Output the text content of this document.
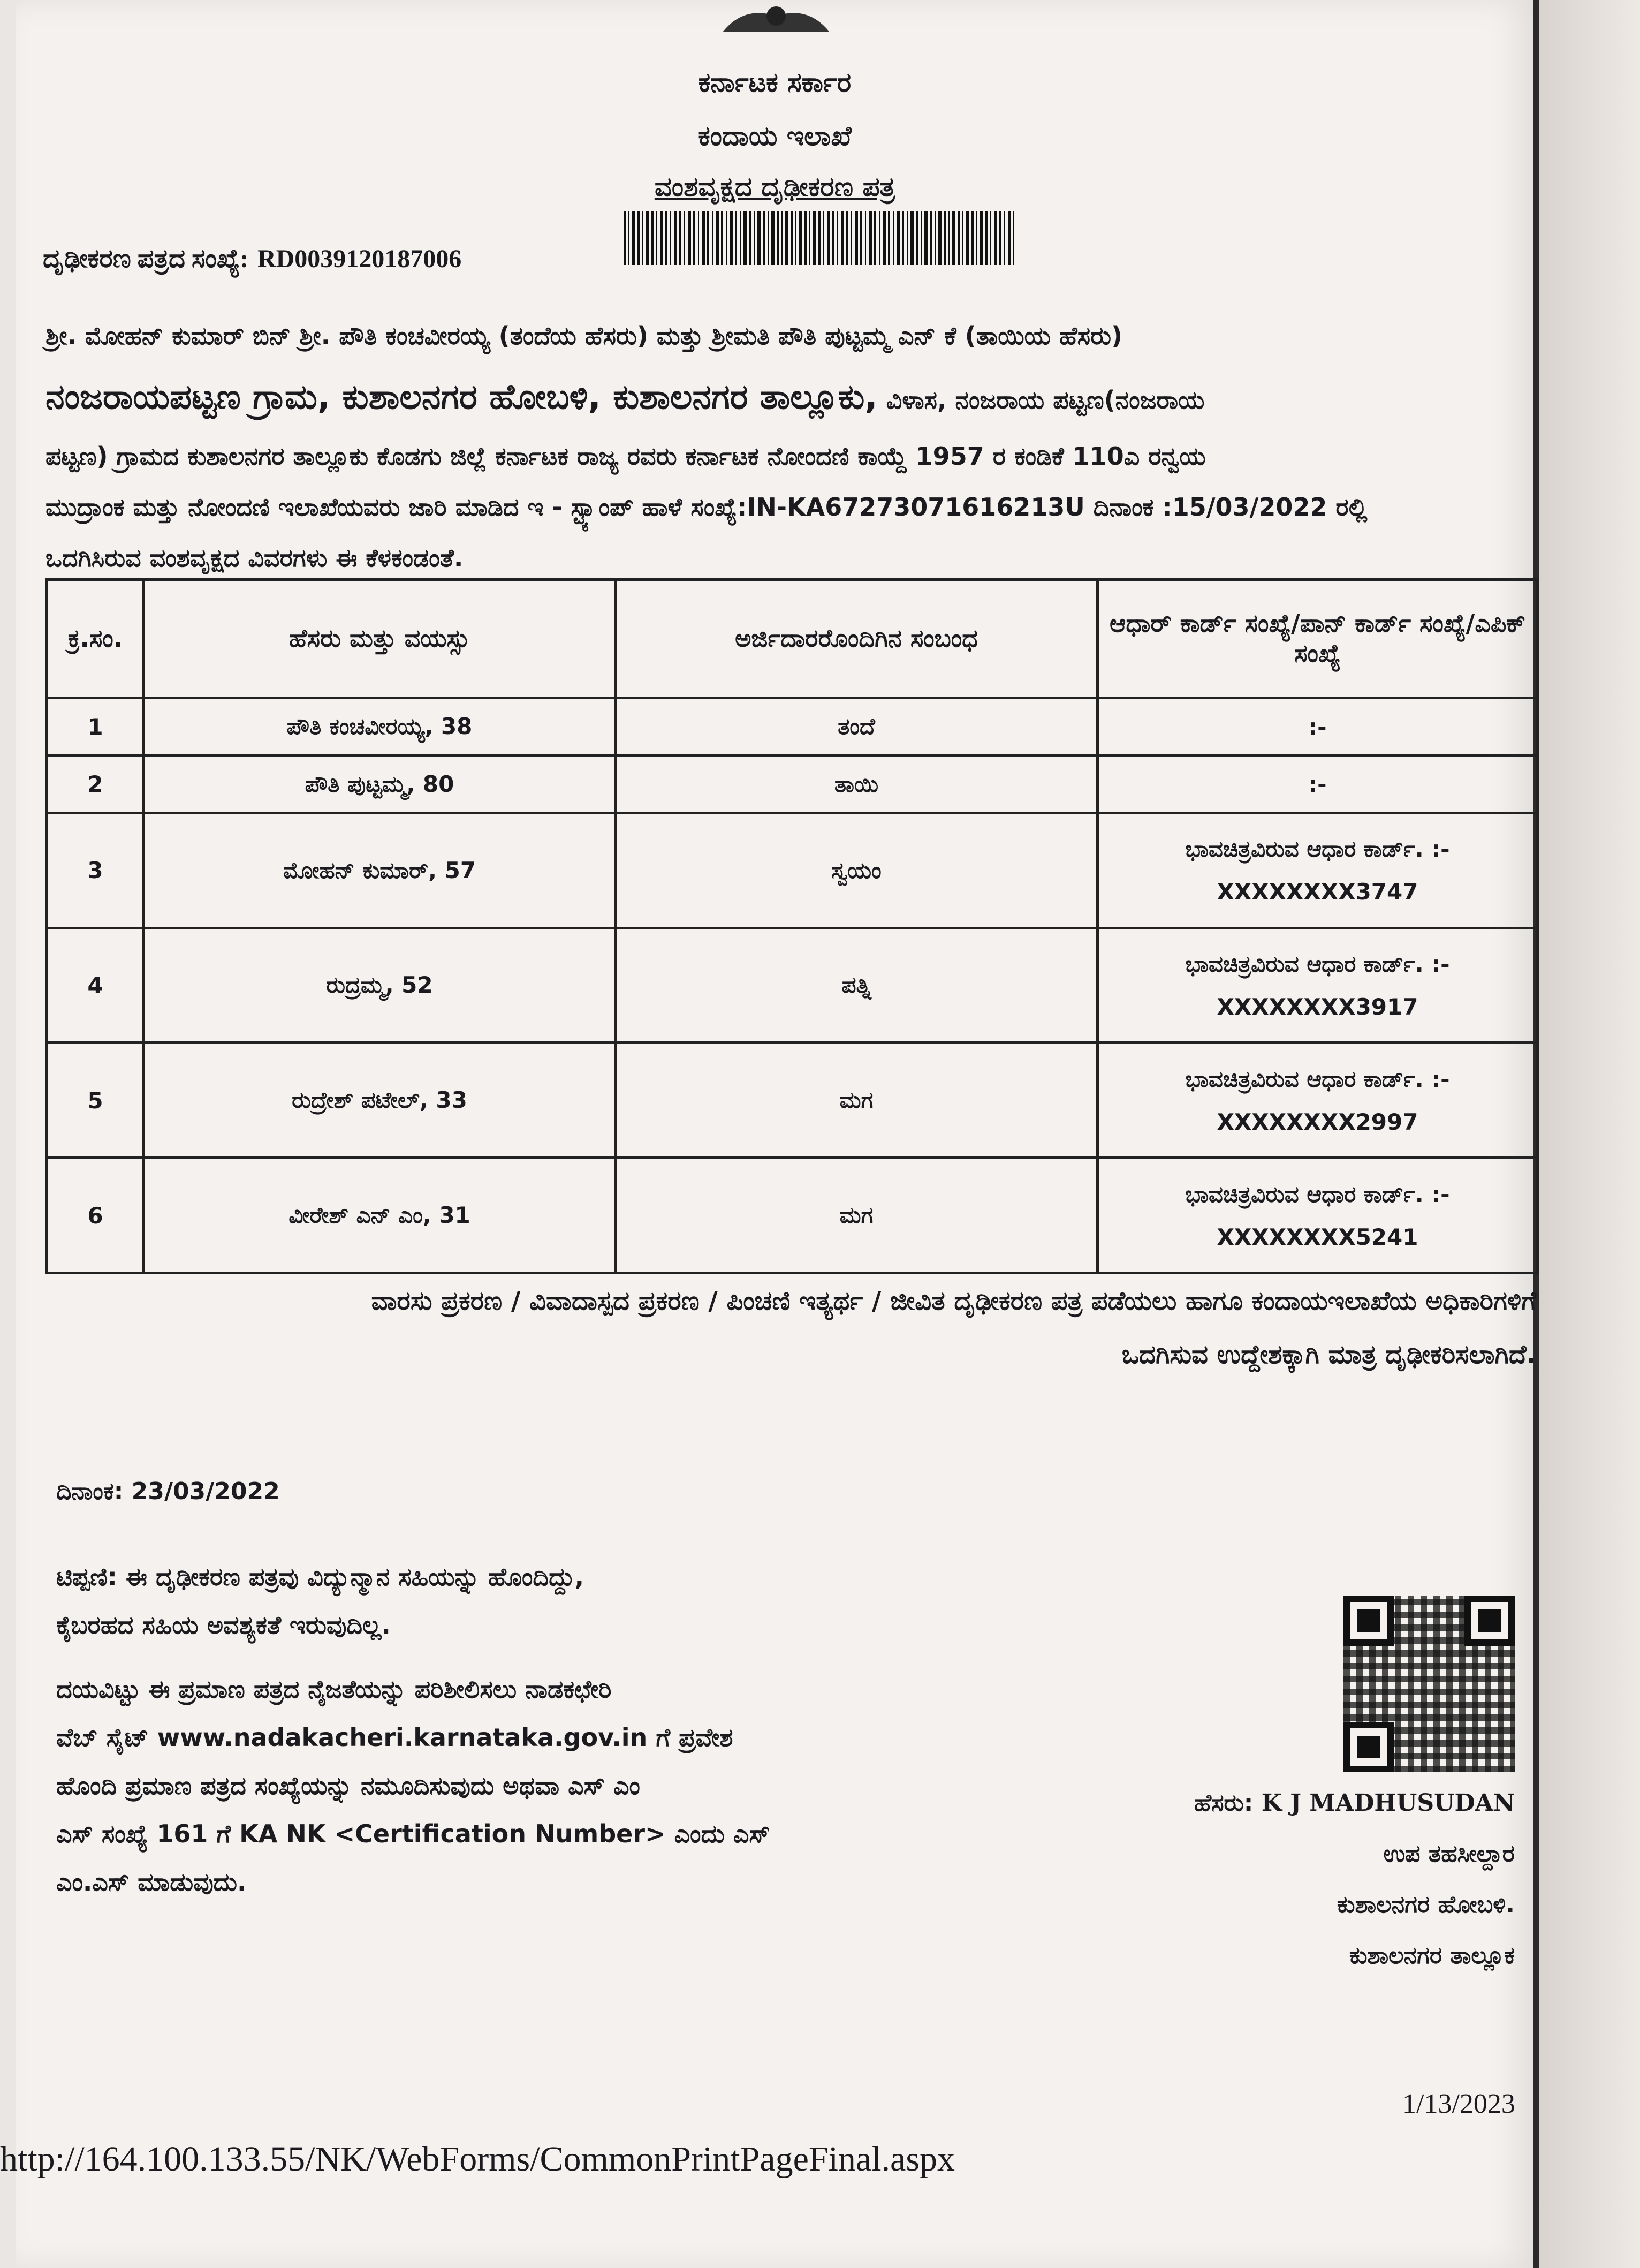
ಕರ್ನಾಟಕ ಸರ್ಕಾರ
ಕಂದಾಯ ಇಲಾಖೆ
ವಂಶವೃಕ್ಷದ ದೃಢೀಕರಣ ಪತ್ರ
ದೃಢೀಕರಣ ಪತ್ರದ ಸಂಖ್ಯೆ: RD0039120187006
ಶ್ರೀ. ಮೋಹನ್ ಕುಮಾರ್ ಬಿನ್ ಶ್ರೀ. ಪೌತಿ ಕಂಚವೀರಯ್ಯ (ತಂದೆಯ ಹೆಸರು) ಮತ್ತು ಶ್ರೀಮತಿ ಪೌತಿ ಪುಟ್ಟಮ್ಮ ಎನ್ ಕೆ (ತಾಯಿಯ ಹೆಸರು)
ನಂಜರಾಯಪಟ್ಟಣ ಗ್ರಾಮ, ಕುಶಾಲನಗರ ಹೋಬಳಿ, ಕುಶಾಲನಗರ ತಾಲ್ಲೂಕು, ವಿಳಾಸ, ನಂಜರಾಯ ಪಟ್ಟಣ(ನಂಜರಾಯ
ಪಟ್ಟಣ) ಗ್ರಾಮದ ಕುಶಾಲನಗರ ತಾಲ್ಲೂಕು ಕೊಡಗು ಜಿಲ್ಲೆ ಕರ್ನಾಟಕ ರಾಜ್ಯ ರವರು ಕರ್ನಾಟಕ ನೋಂದಣಿ ಕಾಯ್ದೆ 1957 ರ ಕಂಡಿಕೆ 110ಎ ರನ್ವಯ
ಮುದ್ರಾಂಕ ಮತ್ತು ನೋಂದಣಿ ಇಲಾಖೆಯವರು ಜಾರಿ ಮಾಡಿದ ಇ - ಸ್ಟ್ಯಾಂಪ್ ಹಾಳೆ ಸಂಖ್ಯೆ:IN-KA67273071616213U ದಿನಾಂಕ :15/03/2022 ರಲ್ಲಿ
ಒದಗಿಸಿರುವ ವಂಶವೃಕ್ಷದ ವಿವರಗಳು ಈ ಕೆಳಕಂಡಂತೆ.
ಕ್ರ.ಸಂ.	ಹೆಸರು ಮತ್ತು ವಯಸ್ಸು	ಅರ್ಜಿದಾರರೊಂದಿಗಿನ ಸಂಬಂಧ	ಆಧಾರ್ ಕಾರ್ಡ್ ಸಂಖ್ಯೆ/ಪಾನ್ ಕಾರ್ಡ್ ಸಂಖ್ಯೆ/ಎಪಿಕ್ ಸಂಖ್ಯೆ
1	ಪೌತಿ ಕಂಚವೀರಯ್ಯ, 38	ತಂದೆ	:-
2	ಪೌತಿ ಪುಟ್ಟಮ್ಮ, 80	ತಾಯಿ	:-
3	ಮೋಹನ್ ಕುಮಾರ್, 57	ಸ್ವಯಂ	ಭಾವಚಿತ್ರವಿರುವ ಆಧಾರ ಕಾರ್ಡ್. :-
XXXXXXXX3747
4	ರುದ್ರಮ್ಮ, 52	ಪತ್ನಿ	ಭಾವಚಿತ್ರವಿರುವ ಆಧಾರ ಕಾರ್ಡ್. :-
XXXXXXXX3917
5	ರುದ್ರೇಶ್ ಪಟೇಲ್, 33	ಮಗ	ಭಾವಚಿತ್ರವಿರುವ ಆಧಾರ ಕಾರ್ಡ್. :-
XXXXXXXX2997
6	ವೀರೇಶ್ ಎನ್ ಎಂ, 31	ಮಗ	ಭಾವಚಿತ್ರವಿರುವ ಆಧಾರ ಕಾರ್ಡ್. :-
XXXXXXXX5241
ವಾರಸು ಪ್ರಕರಣ / ವಿವಾದಾಸ್ಪದ ಪ್ರಕರಣ / ಪಿಂಚಣಿ ಇತ್ಯರ್ಥ / ಜೀವಿತ ದೃಢೀಕರಣ ಪತ್ರ ಪಡೆಯಲು ಹಾಗೂ ಕಂದಾಯಇಲಾಖೆಯ ಅಧಿಕಾರಿಗಳಿಗೆ
ಒದಗಿಸುವ ಉದ್ದೇಶಕ್ಕಾಗಿ ಮಾತ್ರ ದೃಢೀಕರಿಸಲಾಗಿದೆ.
ದಿನಾಂಕ: 23/03/2022
ಟಿಪ್ಪಣಿ: ಈ ದೃಢೀಕರಣ ಪತ್ರವು ವಿದ್ಯುನ್ಮಾನ ಸಹಿಯನ್ನು ಹೊಂದಿದ್ದು,
ಕೈಬರಹದ ಸಹಿಯ ಅವಶ್ಯಕತೆ ಇರುವುದಿಲ್ಲ.
ದಯವಿಟ್ಟು ಈ ಪ್ರಮಾಣ ಪತ್ರದ ನೈಜತೆಯನ್ನು ಪರಿಶೀಲಿಸಲು ನಾಡಕಛೇರಿ
ವೆಬ್ ಸೈಟ್ www.nadakacheri.karnataka.gov.in ಗೆ ಪ್ರವೇಶ
ಹೊಂದಿ ಪ್ರಮಾಣ ಪತ್ರದ ಸಂಖ್ಯೆಯನ್ನು ನಮೂದಿಸುವುದು ಅಥವಾ ಎಸ್ ಎಂ
ಎಸ್ ಸಂಖ್ಯೆ 161 ಗೆ KA NK <Certification Number> ಎಂದು ಎಸ್
ಎಂ.ಎಸ್ ಮಾಡುವುದು.
ಹೆಸರು: K J MADHUSUDAN
ಉಪ ತಹಸೀಲ್ದಾರ
ಕುಶಾಲನಗರ ಹೋಬಳಿ.
ಕುಶಾಲನಗರ ತಾಲ್ಲೂಕ
1/13/2023
http://164.100.133.55/NK/WebForms/CommonPrintPageFinal.aspx
